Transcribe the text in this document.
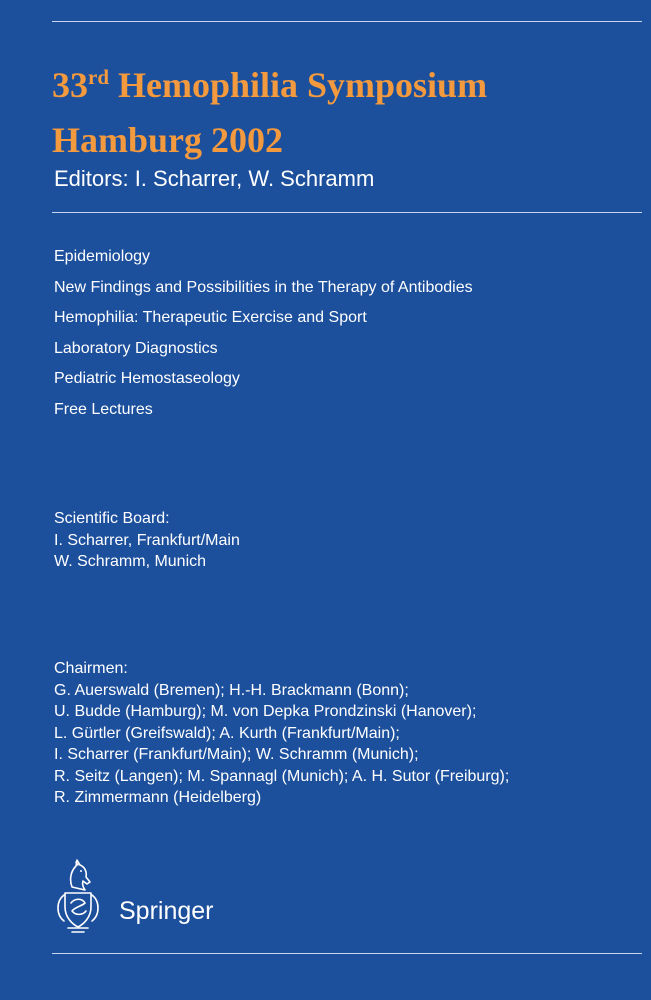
33rd Hemophilia Symposium
Hamburg 2002
Editors: I. Scharrer, W. Schramm
Epidemiology
New Findings and Possibilities in the Therapy of Antibodies
Hemophilia: Therapeutic Exercise and Sport
Laboratory Diagnostics
Pediatric Hemostaseology
Free Lectures
Scientific Board:
I. Scharrer, Frankfurt/Main
W. Schramm, Munich
Chairmen:
G. Auerswald (Bremen); H.-H. Brackmann (Bonn);
U. Budde (Hamburg); M. von Depka Prondzinski (Hanover);
L. Gürtler (Greifswald); A. Kurth (Frankfurt/Main);
I. Scharrer (Frankfurt/Main); W. Schramm (Munich);
R. Seitz (Langen); M. Spannagl (Munich); A. H. Sutor (Freiburg);
R. Zimmermann (Heidelberg)
Springer
